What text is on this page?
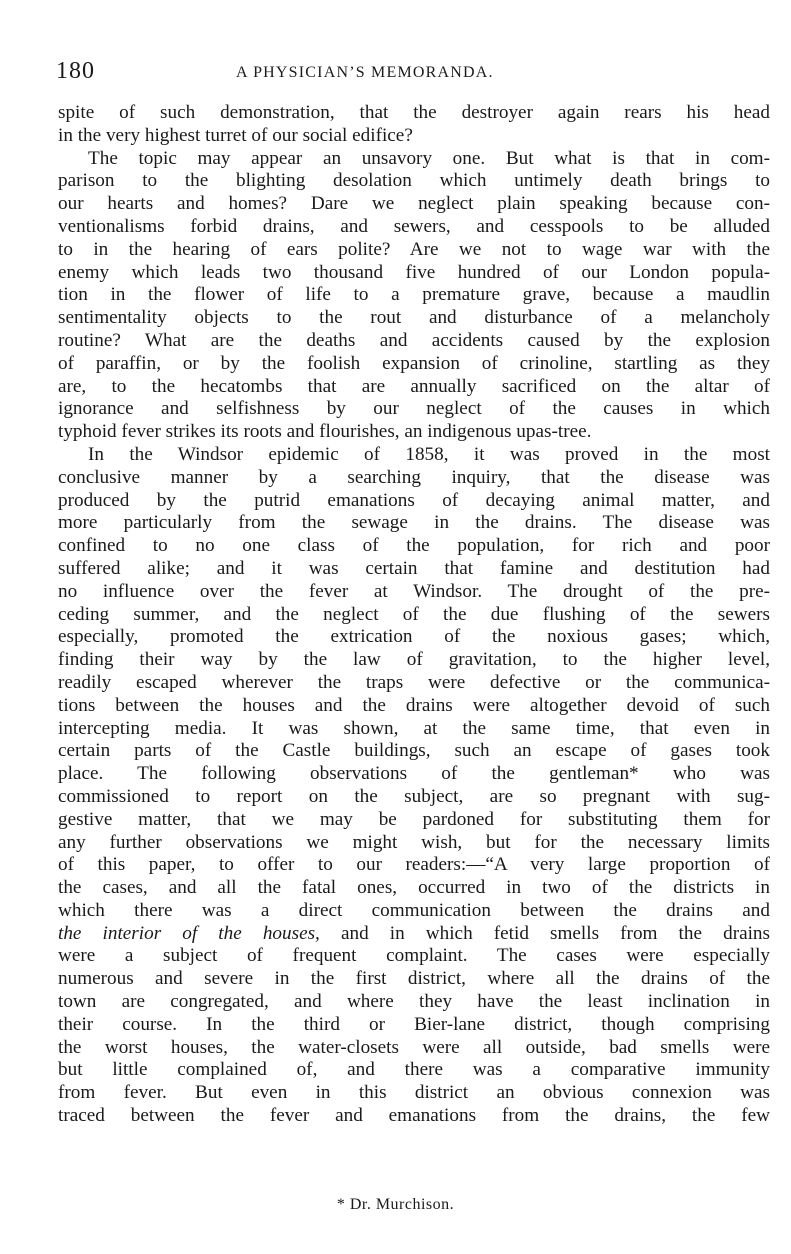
180	A PHYSICIAN’S MEMORANDA.
spite of such demonstration, that the destroyer again rears his head
in the very highest turret of our social edifice?
The topic may appear an unsavory one. But what is that in com-
parison to the blighting desolation which untimely death brings to
our hearts and homes? Dare we neglect plain speaking because con-
ventionalisms forbid drains, and sewers, and cesspools to be alluded
to in the hearing of ears polite? Are we not to wage war with the
enemy which leads two thousand five hundred of our London popula-
tion in the flower of life to a premature grave, because a maudlin
sentimentality objects to the rout and disturbance of a melancholy
routine? What are the deaths and accidents caused by the explosion
of paraffin, or by the foolish expansion of crinoline, startling as they
are, to the hecatombs that are annually sacrificed on the altar of
ignorance and selfishness by our neglect of the causes in which
typhoid fever strikes its roots and flourishes, an indigenous upas-tree.
In the Windsor epidemic of 1858, it was proved in the most
conclusive manner by a searching inquiry, that the disease was
produced by the putrid emanations of decaying animal matter, and
more particularly from the sewage in the drains. The disease was
confined to no one class of the population, for rich and poor
suffered alike; and it was certain that famine and destitution had
no influence over the fever at Windsor. The drought of the pre-
ceding summer, and the neglect of the due flushing of the sewers
especially, promoted the extrication of the noxious gases; which,
finding their way by the law of gravitation, to the higher level,
readily escaped wherever the traps were defective or the communica-
tions between the houses and the drains were altogether devoid of such
intercepting media. It was shown, at the same time, that even in
certain parts of the Castle buildings, such an escape of gases took
place. The following observations of the gentleman* who was
commissioned to report on the subject, are so pregnant with sug-
gestive matter, that we may be pardoned for substituting them for
any further observations we might wish, but for the necessary limits
of this paper, to offer to our readers:—“A very large proportion of
the cases, and all the fatal ones, occurred in two of the districts in
which there was a direct communication between the drains and
the interior of the houses, and in which fetid smells from the drains
were a subject of frequent complaint. The cases were especially
numerous and severe in the first district, where all the drains of the
town are congregated, and where they have the least inclination in
their course. In the third or Bier-lane district, though comprising
the worst houses, the water-closets were all outside, bad smells were
but little complained of, and there was a comparative immunity
from fever. But even in this district an obvious connexion was
traced between the fever and emanations from the drains, the few
* Dr. Murchison.
